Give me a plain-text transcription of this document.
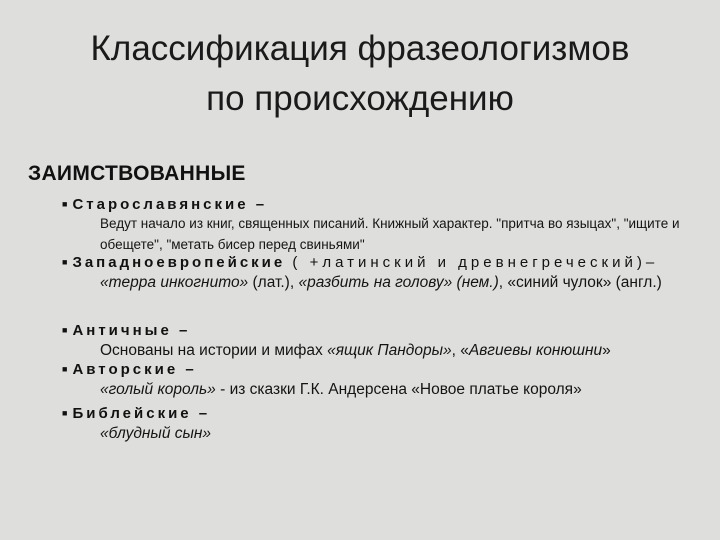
Классификация фразеологизмов
по происхождению
ЗАИМСТВОВАННЫЕ
■ Старославянские –
Ведут начало из книг, священных писаний. Книжный характер. "притча во языцах", "ищите и обещете", "метать бисер перед свиньями"
■ Западноевропейские ( +латинский и древнегреческий)–
«терра инкогнито» (лат.), «разбить на голову» (нем.), «синий чулок» (англ.)
■ Античные –
Основаны на истории и мифах «ящик Пандоры», «Авгиевы конюшни»
■ Авторские –
«голый король» - из сказки Г.К. Андерсена «Новое платье короля»
■ Библейские –
«блудный сын»
